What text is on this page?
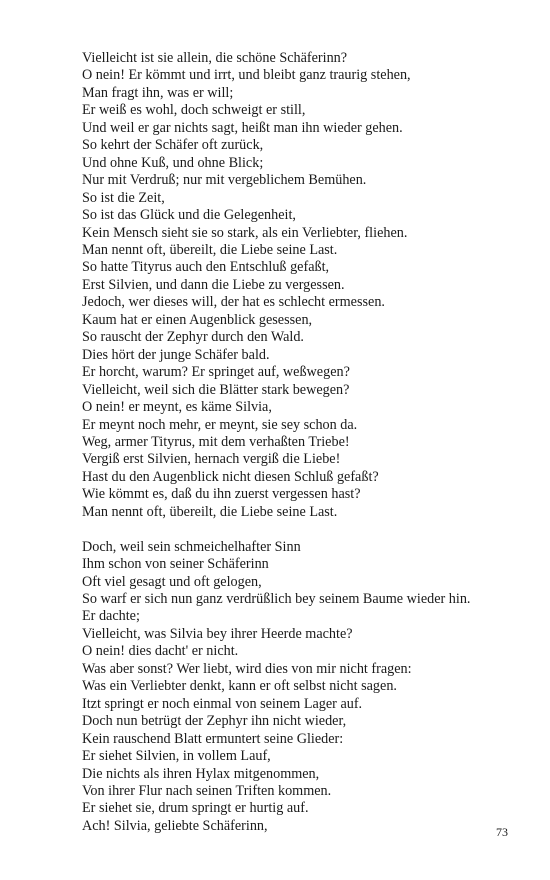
Vielleicht ist sie allein, die schöne Schäferinn?
O nein! Er kömmt und irrt, und bleibt ganz traurig stehen,
Man fragt ihn, was er will;
Er weiß es wohl, doch schweigt er still,
Und weil er gar nichts sagt, heißt man ihn wieder gehen.
So kehrt der Schäfer oft zurück,
Und ohne Kuß, und ohne Blick;
Nur mit Verdruß; nur mit vergeblichem Bemühen.
So ist die Zeit,
So ist das Glück und die Gelegenheit,
Kein Mensch sieht sie so stark, als ein Verliebter, fliehen.
Man nennt oft, übereilt, die Liebe seine Last.
So hatte Tityrus auch den Entschluß gefaßt,
Erst Silvien, und dann die Liebe zu vergessen.
Jedoch, wer dieses will, der hat es schlecht ermessen.
Kaum hat er einen Augenblick gesessen,
So rauscht der Zephyr durch den Wald.
Dies hört der junge Schäfer bald.
Er horcht, warum? Er springet auf, weßwegen?
Vielleicht, weil sich die Blätter stark bewegen?
O nein! er meynt, es käme Silvia,
Er meynt noch mehr, er meynt, sie sey schon da.
Weg, armer Tityrus, mit dem verhaßten Triebe!
Vergiß erst Silvien, hernach vergiß die Liebe!
Hast du den Augenblick nicht diesen Schluß gefaßt?
Wie kömmt es, daß du ihn zuerst vergessen hast?
Man nennt oft, übereilt, die Liebe seine Last.
Doch, weil sein schmeichelhafter Sinn
Ihm schon von seiner Schäferinn
Oft viel gesagt und oft gelogen,
So warf er sich nun ganz verdrüßlich bey seinem Baume wieder hin.
Er dachte;
Vielleicht, was Silvia bey ihrer Heerde machte?
O nein! dies dacht' er nicht.
Was aber sonst? Wer liebt, wird dies von mir nicht fragen:
Was ein Verliebter denkt, kann er oft selbst nicht sagen.
Itzt springt er noch einmal von seinem Lager auf.
Doch nun betrügt der Zephyr ihn nicht wieder,
Kein rauschend Blatt ermuntert seine Glieder:
Er siehet Silvien, in vollem Lauf,
Die nichts als ihren Hylax mitgenommen,
Von ihrer Flur nach seinen Triften kommen.
Er siehet sie, drum springt er hurtig auf.
Ach! Silvia, geliebte Schäferinn,	73
